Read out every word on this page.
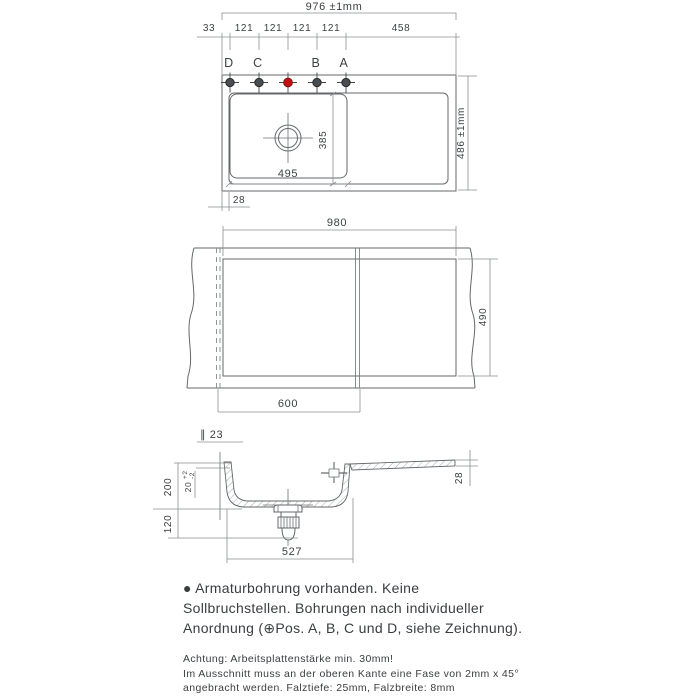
976 ±1mm
33 121 121 121 121	458
D C	B A
385
495
486 ±1mm
28
980
490
600
∥ 23
200 20
+2 -2
120
527
28
● Armaturbohrung vorhanden. Keine
Sollbruchstellen. Bohrungen nach individueller
Anordnung (⊕Pos. A, B, C und D, siehe Zeichnung).
Achtung: Arbeitsplattenstärke min. 30mm!
Im Ausschnitt muss an der oberen Kante eine Fase von 2mm x 45°
angebracht werden. Falztiefe: 25mm, Falzbreite: 8mm
